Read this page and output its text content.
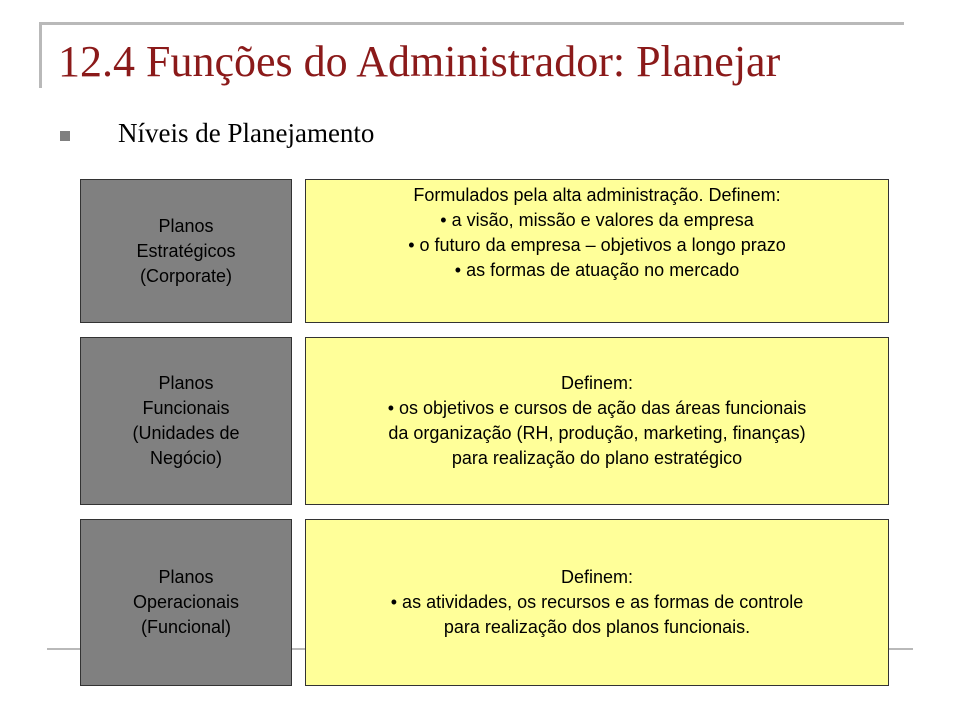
12.4 Funções do Administrador: Planejar
Níveis de Planejamento
Planos
Estratégicos
(Corporate)
Formulados pela alta administração. Definem:
• a visão, missão e valores da empresa
• o futuro da empresa – objetivos a longo prazo
• as formas de atuação no mercado
Planos
Funcionais
(Unidades de
Negócio)
Definem:
• os objetivos e cursos de ação das áreas funcionais
da organização (RH, produção, marketing, finanças)
para realização do plano estratégico
Planos
Operacionais
(Funcional)
Definem:
• as atividades, os recursos e as formas de controle
para realização dos planos funcionais.
